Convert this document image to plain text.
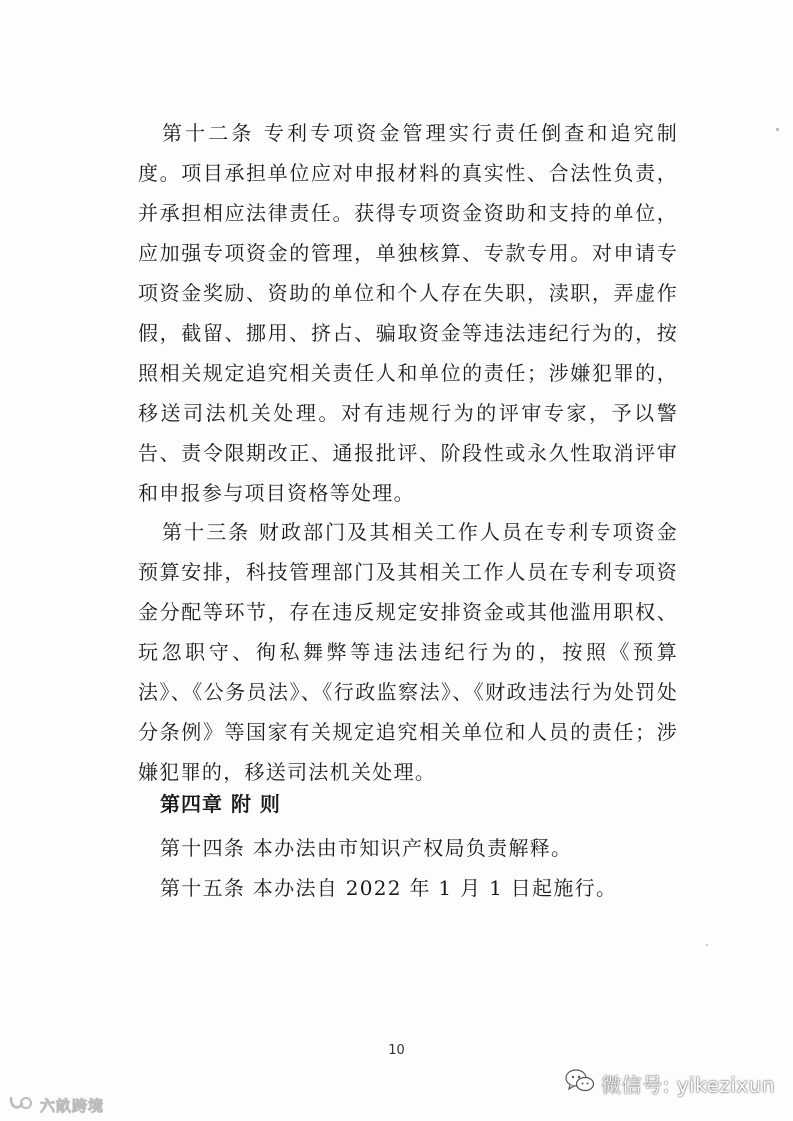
第十二条 专利专项资金管理实行责任倒查和追究制度。项目承担单位应对申报材料的真实性、合法性负责，并承担相应法律责任。获得专项资金资助和支持的单位，应加强专项资金的管理，单独核算、专款专用。对申请专项资金奖励、资助的单位和个人存在失职，渎职，弄虚作假，截留、挪用、挤占、骗取资金等违法违纪行为的，按照相关规定追究相关责任人和单位的责任；涉嫌犯罪的，移送司法机关处理。对有违规行为的评审专家，予以警告、责令限期改正、通报批评、阶段性或永久性取消评审和申报参与项目资格等处理。

第十三条 财政部门及其相关工作人员在专利专项资金预算安排，科技管理部门及其相关工作人员在专利专项资金分配等环节，存在违反规定安排资金或其他滥用职权、玩忽职守、徇私舞弊等违法违纪行为的，按照《预算法》、《公务员法》、《行政监察法》、《财政违法行为处罚处分条例》等国家有关规定追究相关单位和人员的责任；涉嫌犯罪的，移送司法机关处理。

第四章 附 则

第十四条 本办法由市知识产权局负责解释。

第十五条 本办法自 2022 年 1 月 1 日起施行。

10
六畝跨境
微信号: yikezixun
